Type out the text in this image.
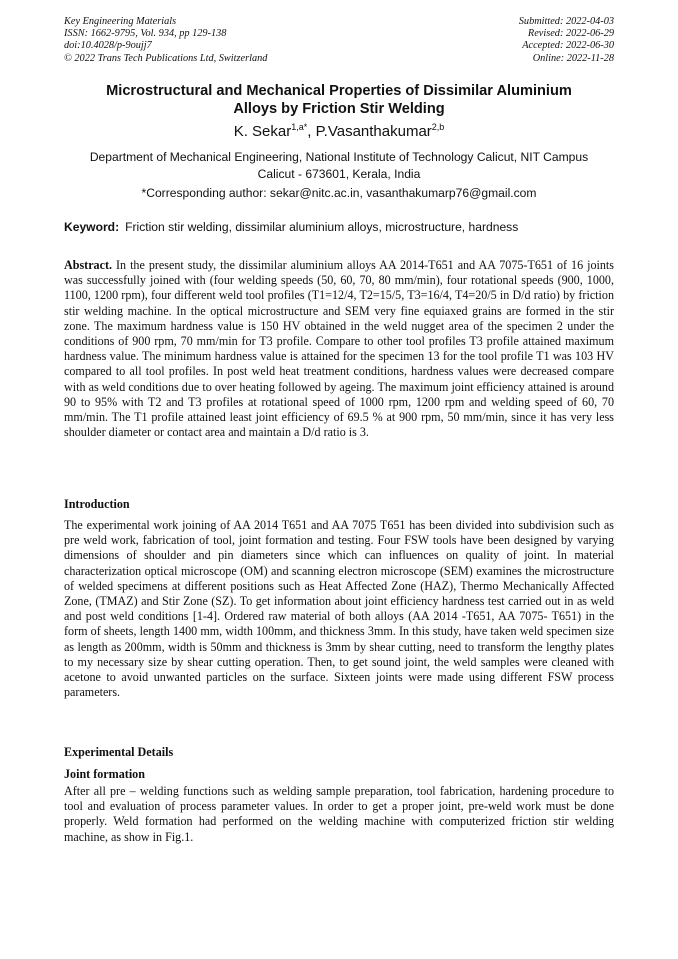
Key Engineering Materials
ISSN: 1662-9795, Vol. 934, pp 129-138
doi:10.4028/p-9oujj7
© 2022 Trans Tech Publications Ltd, Switzerland
Submitted: 2022-04-03
Revised: 2022-06-29
Accepted: 2022-06-30
Online: 2022-11-28
Microstructural and Mechanical Properties of Dissimilar Aluminium
Alloys by Friction Stir Welding
K. Sekar$^{1,a*}$, P.Vasanthakumar$^{2,b}$
Department of Mechanical Engineering, National Institute of Technology Calicut, NIT Campus
Calicut - 673601, Kerala, India
*Corresponding author: sekar@nitc.ac.in, vasanthakumarp76@gmail.com
Keyword: Friction stir welding, dissimilar aluminium alloys, microstructure, hardness
Abstract. In the present study, the dissimilar aluminium alloys AA 2014-T651 and AA 7075-T651 of 16 joints was successfully joined with (four welding speeds (50, 60, 70, 80 mm/min), four rotational speeds (900, 1000, 1100, 1200 rpm), four different weld tool profiles (T1=12/4, T2=15/5, T3=16/4, T4=20/5 in D/d ratio) by friction stir welding machine. In the optical microstructure and SEM very fine equiaxed grains are formed in the stir zone. The maximum hardness value is 150 HV obtained in the weld nugget area of the specimen 2 under the conditions of 900 rpm, 70 mm/min for T3 profile. Compare to other tool profiles T3 profile attained maximum hardness value. The minimum hardness value is attained for the specimen 13 for the tool profile T1 was 103 HV compared to all tool profiles. In post weld heat treatment conditions, hardness values were decreased compare with as weld conditions due to over heating followed by ageing. The maximum joint efficiency attained is around 90 to 95% with T2 and T3 profiles at rotational speed of 1000 rpm, 1200 rpm and welding speed of 60, 70 mm/min. The T1 profile attained least joint efficiency of 69.5 % at 900 rpm, 50 mm/min, since it has very less shoulder diameter or contact area and maintain a D/d ratio is 3.
Introduction
The experimental work joining of AA 2014 T651 and AA 7075 T651 has been divided into subdivision such as pre weld work, fabrication of tool, joint formation and testing. Four FSW tools have been designed by varying dimensions of shoulder and pin diameters since which can influences on quality of joint. In material characterization optical microscope (OM) and scanning electron microscope (SEM) examines the microstructure of welded specimens at different positions such as Heat Affected Zone (HAZ), Thermo Mechanically Affected Zone, (TMAZ) and Stir Zone (SZ). To get information about joint efficiency hardness test carried out in as weld and post weld conditions [1-4]. Ordered raw material of both alloys (AA 2014 -T651, AA 7075- T651) in the form of sheets, length 1400 mm, width 100mm, and thickness 3mm. In this study, have taken weld specimen size as length as 200mm, width is 50mm and thickness is 3mm by shear cutting, need to transform the lengthy plates to my necessary size by shear cutting operation. Then, to get sound joint, the weld samples were cleaned with acetone to avoid unwanted particles on the surface. Sixteen joints were made using different FSW process parameters.
Experimental Details
Joint formation
After all pre – welding functions such as welding sample preparation, tool fabrication, hardening procedure to tool and evaluation of process parameter values. In order to get a proper joint, pre-weld work must be done properly. Weld formation had performed on the welding machine with computerized friction stir welding machine, as show in Fig.1.
